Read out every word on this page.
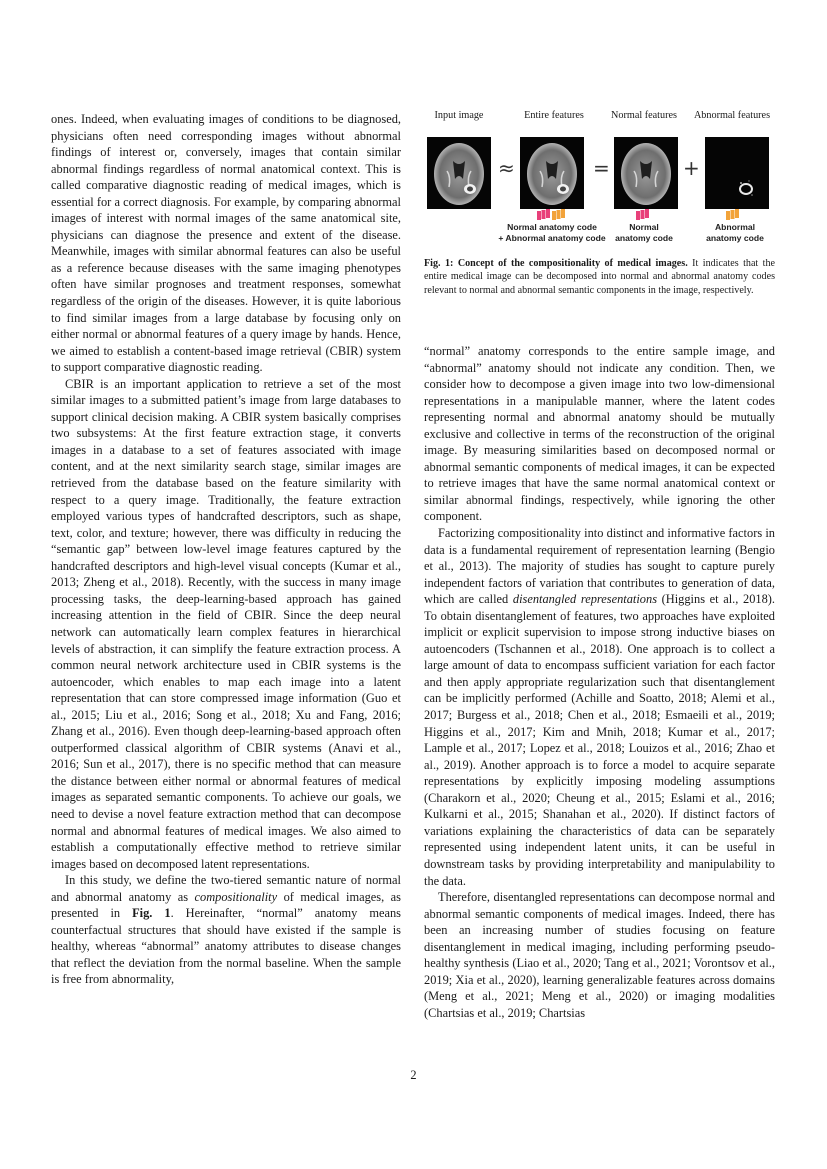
Input image	Entire features	Normal features	Abnormal features
≈	=	+
Normal anatomy code
+ Abnormal anatomy code
Normal
anatomy code
Abnormal
anatomy code
Fig. 1: Concept of the compositionality of medical images. It indicates that the entire medical image can be decomposed into normal and abnormal anatomy codes relevant to normal and abnormal semantic components in the image, respectively.

ones. Indeed, when evaluating images of conditions to be diagnosed, physicians often need corresponding images without abnormal findings of interest or, conversely, images that contain similar abnormal findings regardless of normal anatomical context. This is called comparative diagnostic reading of medical images, which is essential for a correct diagnosis. For example, by comparing abnormal images of interest with normal images of the same anatomical site, physicians can diagnose the presence and extent of the disease. Meanwhile, images with similar abnormal features can also be useful as a reference because diseases with the same imaging phenotypes often have similar prognoses and treatment responses, somewhat regardless of the origin of the diseases. However, it is quite laborious to find similar images from a large database by focusing only on either normal or abnormal features of a query image by hands. Hence, we aimed to establish a content-based image retrieval (CBIR) system to support comparative diagnostic reading.

CBIR is an important application to retrieve a set of the most similar images to a submitted patient’s image from large databases to support clinical decision making. A CBIR system basically comprises two subsystems: At the first feature extraction stage, it converts images in a database to a set of features associated with image content, and at the next similarity search stage, similar images are retrieved from the database based on the feature similarity with respect to a query image. Traditionally, the feature extraction employed various types of handcrafted descriptors, such as shape, text, color, and texture; however, there was difficulty in reducing the “semantic gap” between low-level image features captured by the handcrafted descriptors and high-level visual concepts (Kumar et al., 2013; Zheng et al., 2018). Recently, with the success in many image processing tasks, the deep-learning-based approach has gained increasing attention in the field of CBIR. Since the deep neural network can automatically learn complex features in hierarchical levels of abstraction, it can simplify the feature extraction process. A common neural network architecture used in CBIR systems is the autoencoder, which enables to map each image into a latent representation that can store compressed image information (Guo et al., 2015; Liu et al., 2016; Song et al., 2018; Xu and Fang, 2016; Zhang et al., 2016). Even though deep-learning-based approach often outperformed classical algorithm of CBIR systems (Anavi et al., 2016; Sun et al., 2017), there is no specific method that can measure the distance between either normal or abnormal features of medical images as separated semantic components. To achieve our goals, we need to devise a novel feature extraction method that can decompose normal and abnormal features of medical images. We also aimed to establish a computationally effective method to retrieve similar images based on decomposed latent representations.

In this study, we define the two-tiered semantic nature of normal and abnormal anatomy as compositionality of medical images, as presented in Fig. 1. Hereinafter, “normal” anatomy means counterfactual structures that should have existed if the sample is healthy, whereas “abnormal” anatomy attributes to disease changes that reflect the deviation from the normal baseline. When the sample is free from abnormality,

“normal” anatomy corresponds to the entire sample image, and “abnormal” anatomy should not indicate any condition. Then, we consider how to decompose a given image into two low-dimensional representations in a manipulable manner, where the latent codes representing normal and abnormal anatomy should be mutually exclusive and collective in terms of the reconstruction of the original image. By measuring similarities based on decomposed normal or abnormal semantic components of medical images, it can be expected to retrieve images that have the same normal anatomical context or similar abnormal findings, respectively, while ignoring the other component.

Factorizing compositionality into distinct and informative factors in data is a fundamental requirement of representation learning (Bengio et al., 2013). The majority of studies has sought to capture purely independent factors of variation that contributes to generation of data, which are called disentangled representations (Higgins et al., 2018). To obtain disentanglement of features, two approaches have exploited implicit or explicit supervision to impose strong inductive biases on autoencoders (Tschannen et al., 2018). One approach is to collect a large amount of data to encompass sufficient variation for each factor and then apply appropriate regularization such that disentanglement can be implicitly performed (Achille and Soatto, 2018; Alemi et al., 2017; Burgess et al., 2018; Chen et al., 2018; Esmaeili et al., 2019; Higgins et al., 2017; Kim and Mnih, 2018; Kumar et al., 2017; Lample et al., 2017; Lopez et al., 2018; Louizos et al., 2016; Zhao et al., 2019). Another approach is to force a model to acquire separate representations by explicitly imposing modeling assumptions (Charakorn et al., 2020; Cheung et al., 2015; Eslami et al., 2016; Kulkarni et al., 2015; Shanahan et al., 2020). If distinct factors of variations explaining the characteristics of data can be separately represented using independent latent units, it can be useful in downstream tasks by providing interpretability and manipulability to the data.

Therefore, disentangled representations can decompose normal and abnormal semantic components of medical images. Indeed, there has been an increasing number of studies focusing on feature disentanglement in medical imaging, including performing pseudo-healthy synthesis (Liao et al., 2020; Tang et al., 2021; Vorontsov et al., 2019; Xia et al., 2020), learning generalizable features across domains (Meng et al., 2021; Meng et al., 2020) or imaging modalities (Chartsias et al., 2019; Chartsias

2
